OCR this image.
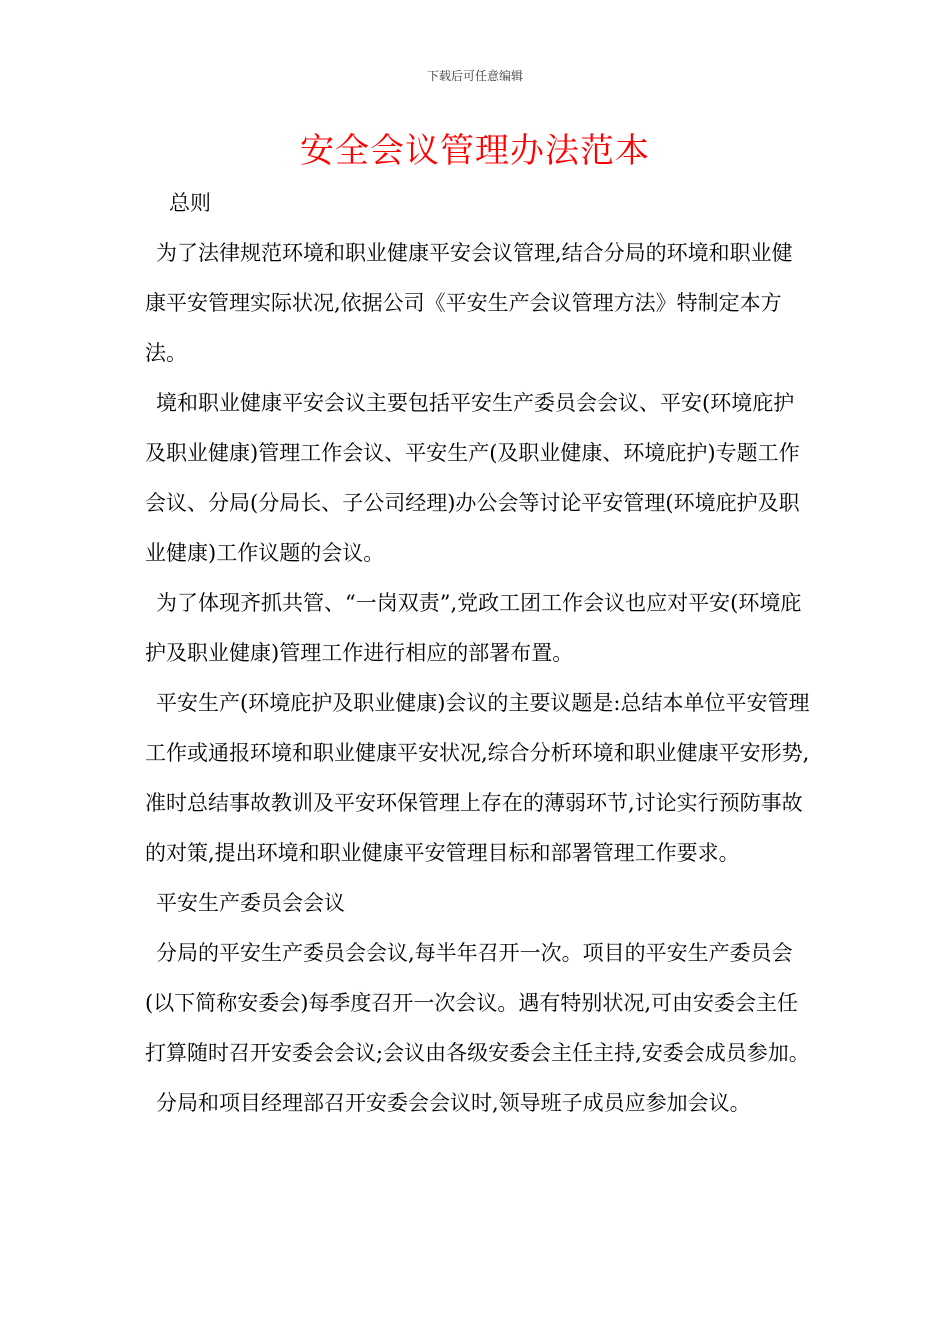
下载后可任意编辑
安全会议管理办法范本

总则

为了法律规范环境和职业健康平安会议管理,结合分局的环境和职业健康平安管理实际状况,依据公司《平安生产会议管理方法》特制定本方法。

境和职业健康平安会议主要包括平安生产委员会会议、平安(环境庇护及职业健康)管理工作会议、平安生产(及职业健康、环境庇护)专题工作会议、分局(分局长、子公司经理)办公会等讨论平安管理(环境庇护及职业健康)工作议题的会议。

为了体现齐抓共管、“一岗双责”,党政工团工作会议也应对平安(环境庇护及职业健康)管理工作进行相应的部署布置。

平安生产(环境庇护及职业健康)会议的主要议题是:总结本单位平安管理工作或通报环境和职业健康平安状况,综合分析环境和职业健康平安形势,准时总结事故教训及平安环保管理上存在的薄弱环节,讨论实行预防事故的对策,提出环境和职业健康平安管理目标和部署管理工作要求。

平安生产委员会会议

分局的平安生产委员会会议,每半年召开一次。项目的平安生产委员会(以下简称安委会)每季度召开一次会议。遇有特别状况,可由安委会主任打算随时召开安委会会议;会议由各级安委会主任主持,安委会成员参加。

分局和项目经理部召开安委会会议时,领导班子成员应参加会议。
